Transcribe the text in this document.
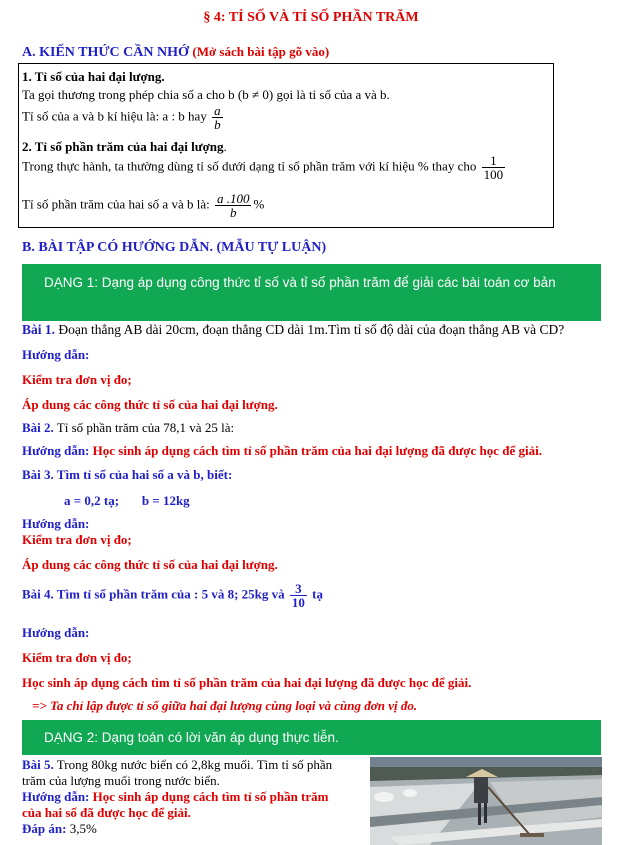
§ 4: TỈ SỐ VÀ TỈ SỐ PHẦN TRĂM
A. KIẾN THỨC CẦN NHỚ (Mở sách bài tập gõ vào)
1. Tỉ số của hai đại lượng.
Ta gọi thương trong phép chia số a cho b (b ≠ 0) gọi là tỉ số của a và b.
Tỉ số của a và b kí hiệu là: a : b hay $\frac{a}{b}$
2. Tỉ số phần trăm của hai đại lượng.
Trong thực hành, ta thường dùng tỉ số dưới dạng tỉ số phần trăm với kí hiệu % thay cho $\frac{1}{100}$
Tỉ số phần trăm của hai số a và b là: $\frac{a .100}{b}$ %
B. BÀI TẬP CÓ HƯỚNG DẪN. (MẪU TỰ LUẬN)
DẠNG 1: Dạng áp dụng công thức tỉ số và tỉ số phần trăm để giải các bài toán cơ bản
Bài 1. Đoạn thẳng AB dài 20cm, đoạn thẳng CD dài 1m.Tìm tỉ số độ dài của đoạn thẳng AB và CD?
Hướng dẫn:
Kiểm tra đơn vị đo;
Áp dung các công thức tỉ số của hai đại lượng.
Bài 2. Tỉ số phần trăm của 78,1 và 25 là:
Hướng dẫn: Học sinh áp dụng cách tìm tỉ số phần trăm của hai đại lượng đã được học để giải.
Bài 3. Tìm tỉ số của hai số a và b, biết:
a = 0,2 tạ;       b = 12kg
Hướng dẫn:
Kiểm tra đơn vị đo;
Áp dung các công thức tỉ số của hai đại lượng.
Bài 4. Tìm tỉ số phần trăm của : 5 và 8; 25kg và $\frac{3}{10}$ tạ
Hướng dẫn:
Kiểm tra đơn vị đo;
Học sinh áp dụng cách tìm tỉ số phần trăm của hai đại lượng đã được học để giải.
=> Ta chỉ lập được tỉ số giữa hai đại lượng cùng loại và cùng đơn vị đo.
DẠNG 2: Dạng toán có lời văn áp dụng thực tiễn.
Bài 5. Trong 80kg nước biển có 2,8kg muối. Tìm tỉ số phần
trăm của lượng muối trong nước biển.
Hướng dẫn: Học sinh áp dụng cách tìm tỉ số phần trăm
của hai số đã được học để giải.
Đáp án: 3,5%
